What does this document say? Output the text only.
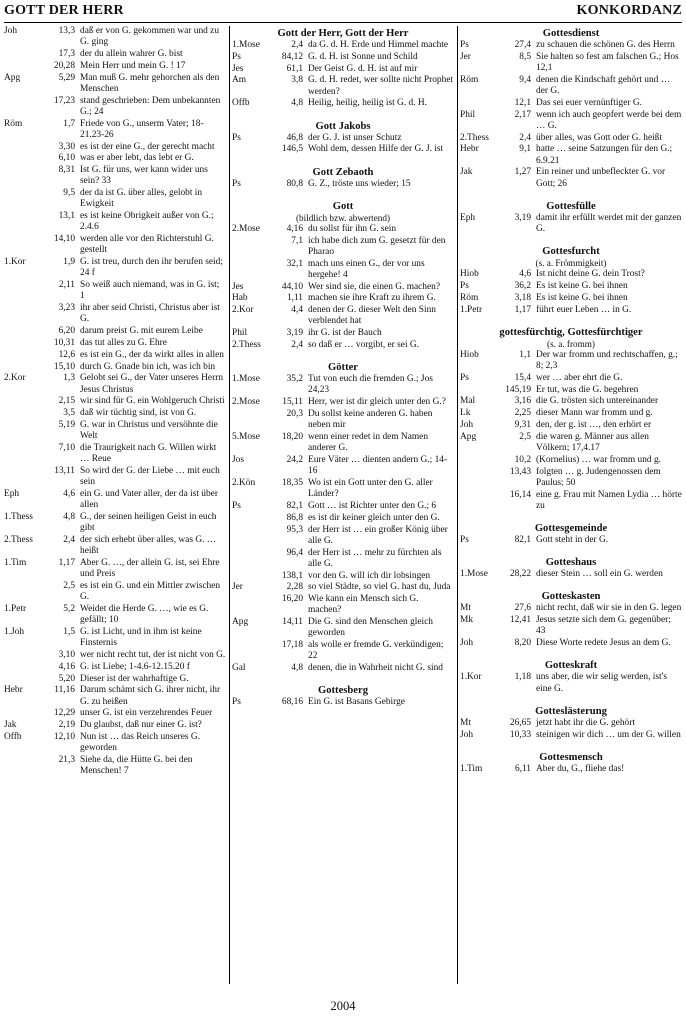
GOTT DER HERR	KONKORDANZ
Joh	13,3 daß er von G. gekommen war und zu G. ging
17,3 der du allein wahrer G. bist
20,28 Mein Herr und mein G. ! 17
Apg	5,29 Man muß G. mehr gehorchen als den Menschen
17,23 stand geschrieben: Dem unbekannten G.; 24
Röm	1,7 Friede von G., unserm Vater; 18-21.23-26
3,30 es ist der eine G., der gerecht macht
6,10 was er aber lebt, das lebt er G.
8,31 Ist G. für uns, wer kann wider uns sein? 33
9,5 der da ist G. über alles, gelobt in Ewigkeit
13,1 es ist keine Obrigkeit außer von G.; 2.4.6
14,10 werden alle vor den Richterstuhl G. gestellt
1.Kor	1,9 G. ist treu, durch den ihr berufen seid; 24 f
2,11 So weiß auch niemand, was in G. ist; 1
3,23 ihr aber seid Christi, Christus aber ist G.
6,20 darum preist G. mit eurem Leibe
10,31 das tut alles zu G. Ehre
12,6 es ist ein G., der da wirkt alles in allen
15,10 durch G. Gnade bin ich, was ich bin
2.Kor	1,3 Gelobt sei G., der Vater unseres Herrn Jesus Christus
2,15 wir sind für G. ein Wohlgeruch Christi
3,5 daß wir tüchtig sind, ist von G.
5,19 G. war in Christus und versöhnte die Welt
7,10 die Traurigkeit nach G. Willen wirkt … Reue
13,11 So wird der G. der Liebe … mit euch sein
Eph	4,6 ein G. und Vater aller, der da ist über allen
1.Thess	4,8 G., der seinen heiligen Geist in euch gibt
2.Thess	2,4 der sich erhebt über alles, was G. … heißt
1.Tim	1,17 Aber G. …, der allein G. ist, sei Ehre und Preis
2,5 es ist ein G. und ein Mittler zwischen G.
1.Petr	5,2 Weidet die Herde G. …, wie es G. gefällt; 10
1.Joh	1,5 G. ist Licht, und in ihm ist keine Finsternis
3,10 wer nicht recht tut, der ist nicht von G.
4,16 G. ist Liebe; 1-4.6-12.15.20 f
5,20 Dieser ist der wahrhaftige G.
Hebr	11,16 Darum schämt sich G. ihrer nicht, ihr G. zu heißen
12,29 unser G. ist ein verzehrendes Feuer
Jak	2,19 Du glaubst, daß nur einer G. ist?
Offb	12,10 Nun ist … das Reich unseres G. geworden
21,3 Siehe da, die Hütte G. bei den Menschen! 7
Gott der Herr, Gott der Herr
1.Mose	2,4 da G. d. H. Erde und Himmel machte
Ps	84,12 G. d. H. ist Sonne und Schild
Jes	61,1 Der Geist G. d. H. ist auf mir
Am	3,8 G. d. H. redet, wer sollte nicht Prophet werden?
Offb	4,8 Heilig, heilig, heilig ist G. d. H.
Gott Jakobs
Ps	46,8 der G. J. ist unser Schutz
146,5 Wohl dem, dessen Hilfe der G. J. ist
Gott Zebaoth
Ps	80,8 G. Z., tröste uns wieder; 15
Gott
(bildlich bzw. abwertend)
2.Mose	4,16 du sollst für ihn G. sein
7,1 ich habe dich zum G. gesetzt für den Pharao
32,1 mach uns einen G., der vor uns hergehe! 4
Jes	44,10 Wer sind sie, die einen G. machen?
Hab	1,11 machen sie ihre Kraft zu ihrem G.
2.Kor	4,4 denen der G. dieser Welt den Sinn verblendet hat
Phil	3,19 ihr G. ist der Bauch
2.Thess	2,4 so daß er … vorgibt, er sei G.
Götter
1.Mose	35,2 Tut von euch die fremden G.; Jos 24,23
2.Mose	15,11 Herr, wer ist dir gleich unter den G.?
20,3 Du sollst keine anderen G. haben neben mir
5.Mose	18,20 wenn einer redet in dem Namen anderer G.
Jos	24,2 Eure Väter … dienten andern G.; 14-16
2.Kön	18,35 Wo ist ein Gott unter den G. aller Länder?
Ps	82,1 Gott … ist Richter unter den G.; 6
86,8 es ist dir keiner gleich unter den G.
95,3 der Herr ist … ein großer König über alle G.
96,4 der Herr ist … mehr zu fürchten als alle G.
138,1 vor den G. will ich dir lobsingen
Jer	2,28 so viel Städte, so viel G. hast du, Juda
16,20 Wie kann ein Mensch sich G. machen?
Apg	14,11 Die G. sind den Menschen gleich geworden
17,18 als wolle er fremde G. verkündigen; 22
Gal	4,8 denen, die in Wahrheit nicht G. sind
Gottesberg
Ps	68,16 Ein G. ist Basans Gebirge
Gottesdienst
Ps	27,4 zu schauen die schönen G. des Herrn
Jer	8,5 Sie halten so fest am falschen G.; Hos 12,1
Röm	9,4 denen die Kindschaft gehört und … der G.
12,1 Das sei euer vernünftiger G.
Phil	2,17 wenn ich auch geopfert werde bei dem … G.
2.Thess	2,4 über alles, was Gott oder G. heißt
Hebr	9,1 hatte … seine Satzungen für den G.; 6.9.21
Jak	1,27 Ein reiner und unbefleckter G. vor Gott; 26
Gottesfülle
Eph	3,19 damit ihr erfüllt werdet mit der ganzen G.
Gottesfurcht
(s. a. Frömmigkeit)
Hiob	4,6 Ist nicht deine G. dein Trost?
Ps	36,2 Es ist keine G. bei ihnen
Röm	3,18 Es ist keine G. bei ihnen
1.Petr	1,17 führt euer Leben … in G.
gottesfürchtig, Gottesfürchtiger
(s. a. fromm)
Hiob	1,1 Der war fromm und rechtschaffen, g.; 8; 2,3
Ps	15,4 wer … aber ehrt die G.
145,19 Er tut, was die G. begehren
Mal	3,16 die G. trösten sich untereinander
Lk	2,25 dieser Mann war fromm und g.
Joh	9,31 den, der g. ist …, den erhört er
Apg	2,5 die waren g. Männer aus allen Völkern; 17,4.17
10,2 (Kornelius) … war fromm und g.
13,43 folgten … g. Judengenossen dem Paulus; 50
16,14 eine g. Frau mit Namen Lydia … hörte zu
Gottesgemeinde
Ps	82,1 Gott steht in der G.
Gotteshaus
1.Mose	28,22 dieser Stein … soll ein G. werden
Gotteskasten
Mt	27,6 nicht recht, daß wir sie in den G. legen
Mk	12,41 Jesus setzte sich dem G. gegenüber; 43
Joh	8,20 Diese Worte redete Jesus an dem G.
Gotteskraft
1.Kor	1,18 uns aber, die wir selig werden, ist's eine G.
Gotteslästerung
Mt	26,65 jetzt habt ihr die G. gehört
Joh	10,33 steinigen wir dich … um der G. willen
Gottesmensch
1.Tim	6,11 Aber du, G., fliehe das!
2004
